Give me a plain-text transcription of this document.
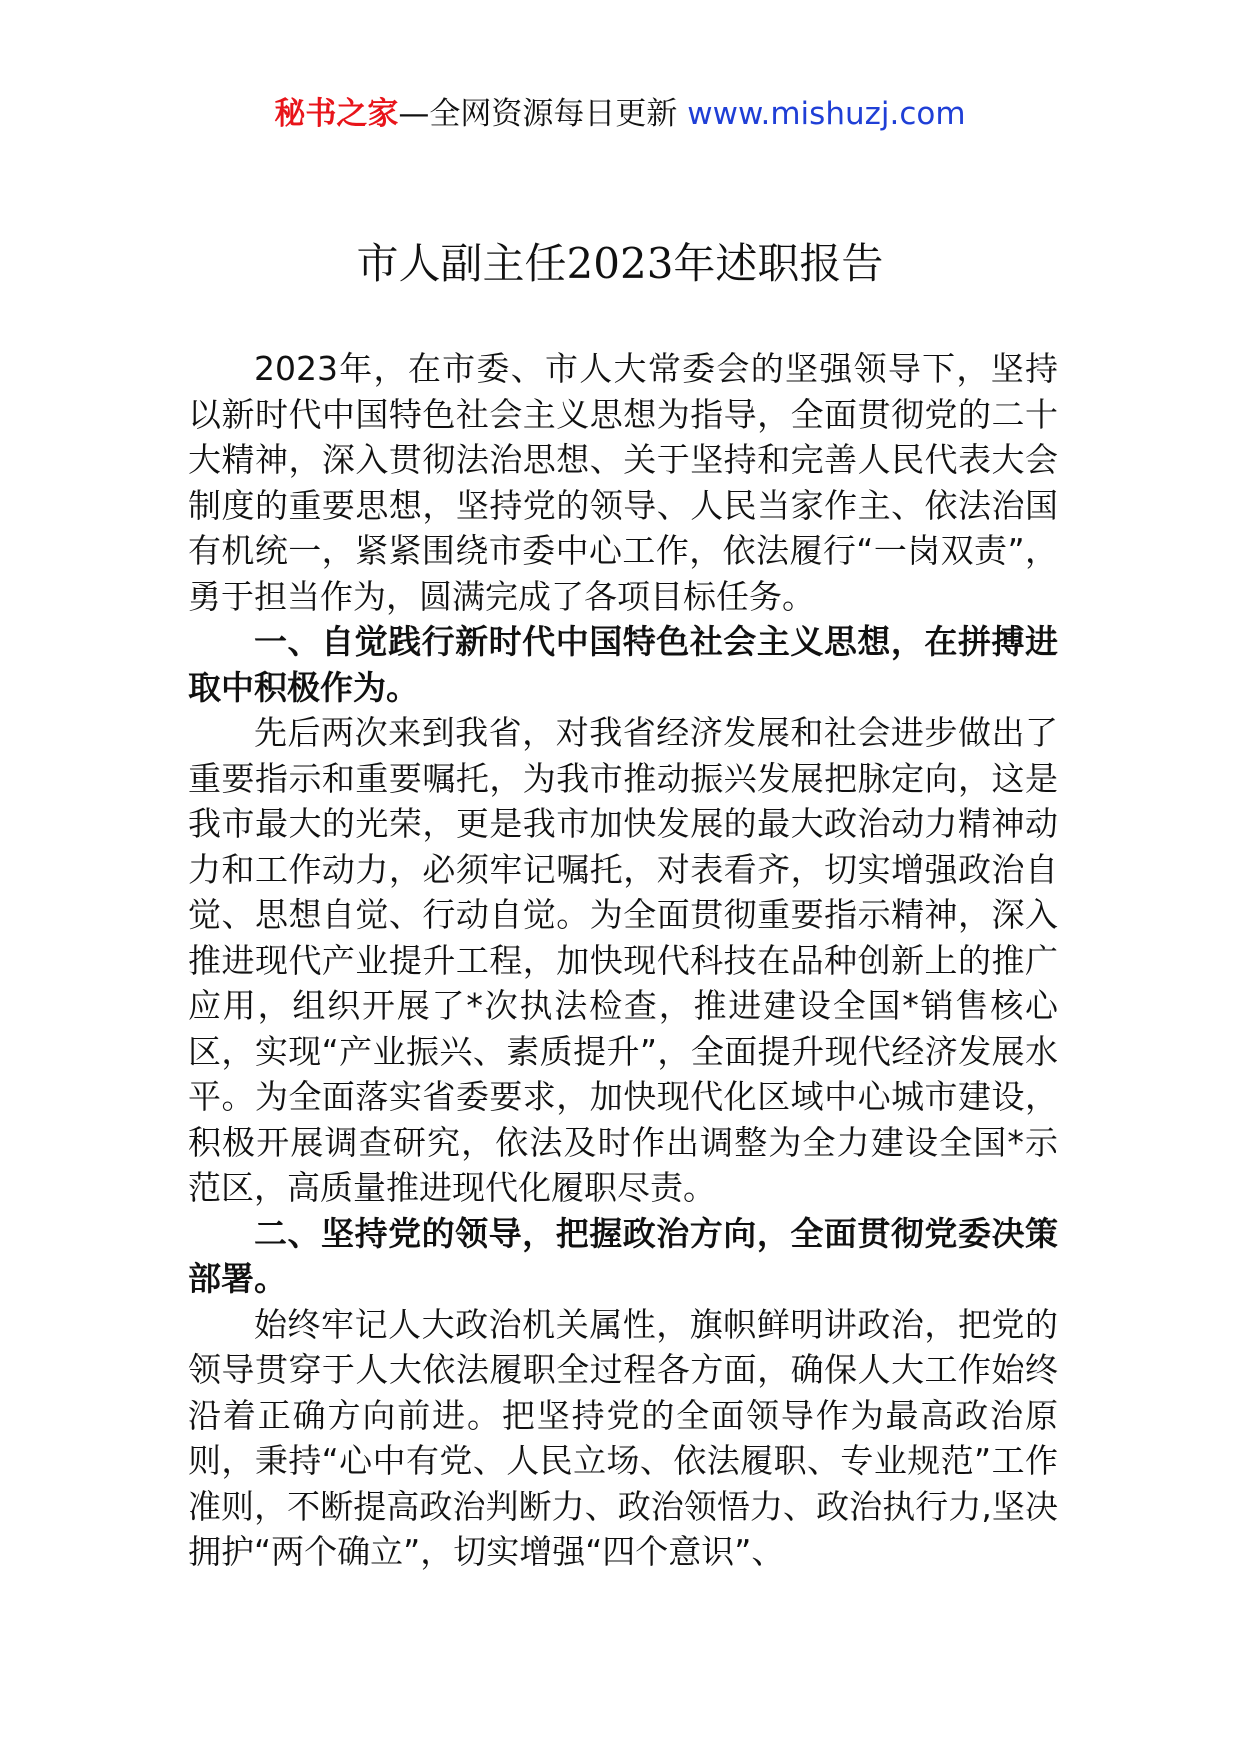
秘书之家—全网资源每日更新 www.mishuzj.com
市人副主任2023年述职报告

2023年，在市委、市人大常委会的坚强领导下，坚持以新时代中国特色社会主义思想为指导，全面贯彻党的二十大精神，深入贯彻法治思想、关于坚持和完善人民代表大会制度的重要思想，坚持党的领导、人民当家作主、依法治国有机统一，紧紧围绕市委中心工作，依法履行“一岗双责”，勇于担当作为，圆满完成了各项目标任务。

一、自觉践行新时代中国特色社会主义思想，在拼搏进取中积极作为。

先后两次来到我省，对我省经济发展和社会进步做出了重要指示和重要嘱托，为我市推动振兴发展把脉定向，这是我市最大的光荣，更是我市加快发展的最大政治动力精神动力和工作动力，必须牢记嘱托，对表看齐，切实增强政治自觉、思想自觉、行动自觉。为全面贯彻重要指示精神，深入推进现代产业提升工程，加快现代科技在品种创新上的推广应用，组织开展了*次执法检查，推进建设全国*销售核心区，实现“产业振兴、素质提升”，全面提升现代经济发展水平。为全面落实省委要求，加快现代化区域中心城市建设，积极开展调查研究，依法及时作出调整为全力建设全国*示范区，高质量推进现代化履职尽责。

二、坚持党的领导，把握政治方向，全面贯彻党委决策部署。

始终牢记人大政治机关属性，旗帜鲜明讲政治，把党的领导贯穿于人大依法履职全过程各方面，确保人大工作始终沿着正确方向前进。把坚持党的全面领导作为最高政治原则，秉持“心中有党、人民立场、依法履职、专业规范”工作准则，不断提高政治判断力、政治领悟力、政治执行力,坚决拥护“两个确立”，切实增强“四个意识”、
